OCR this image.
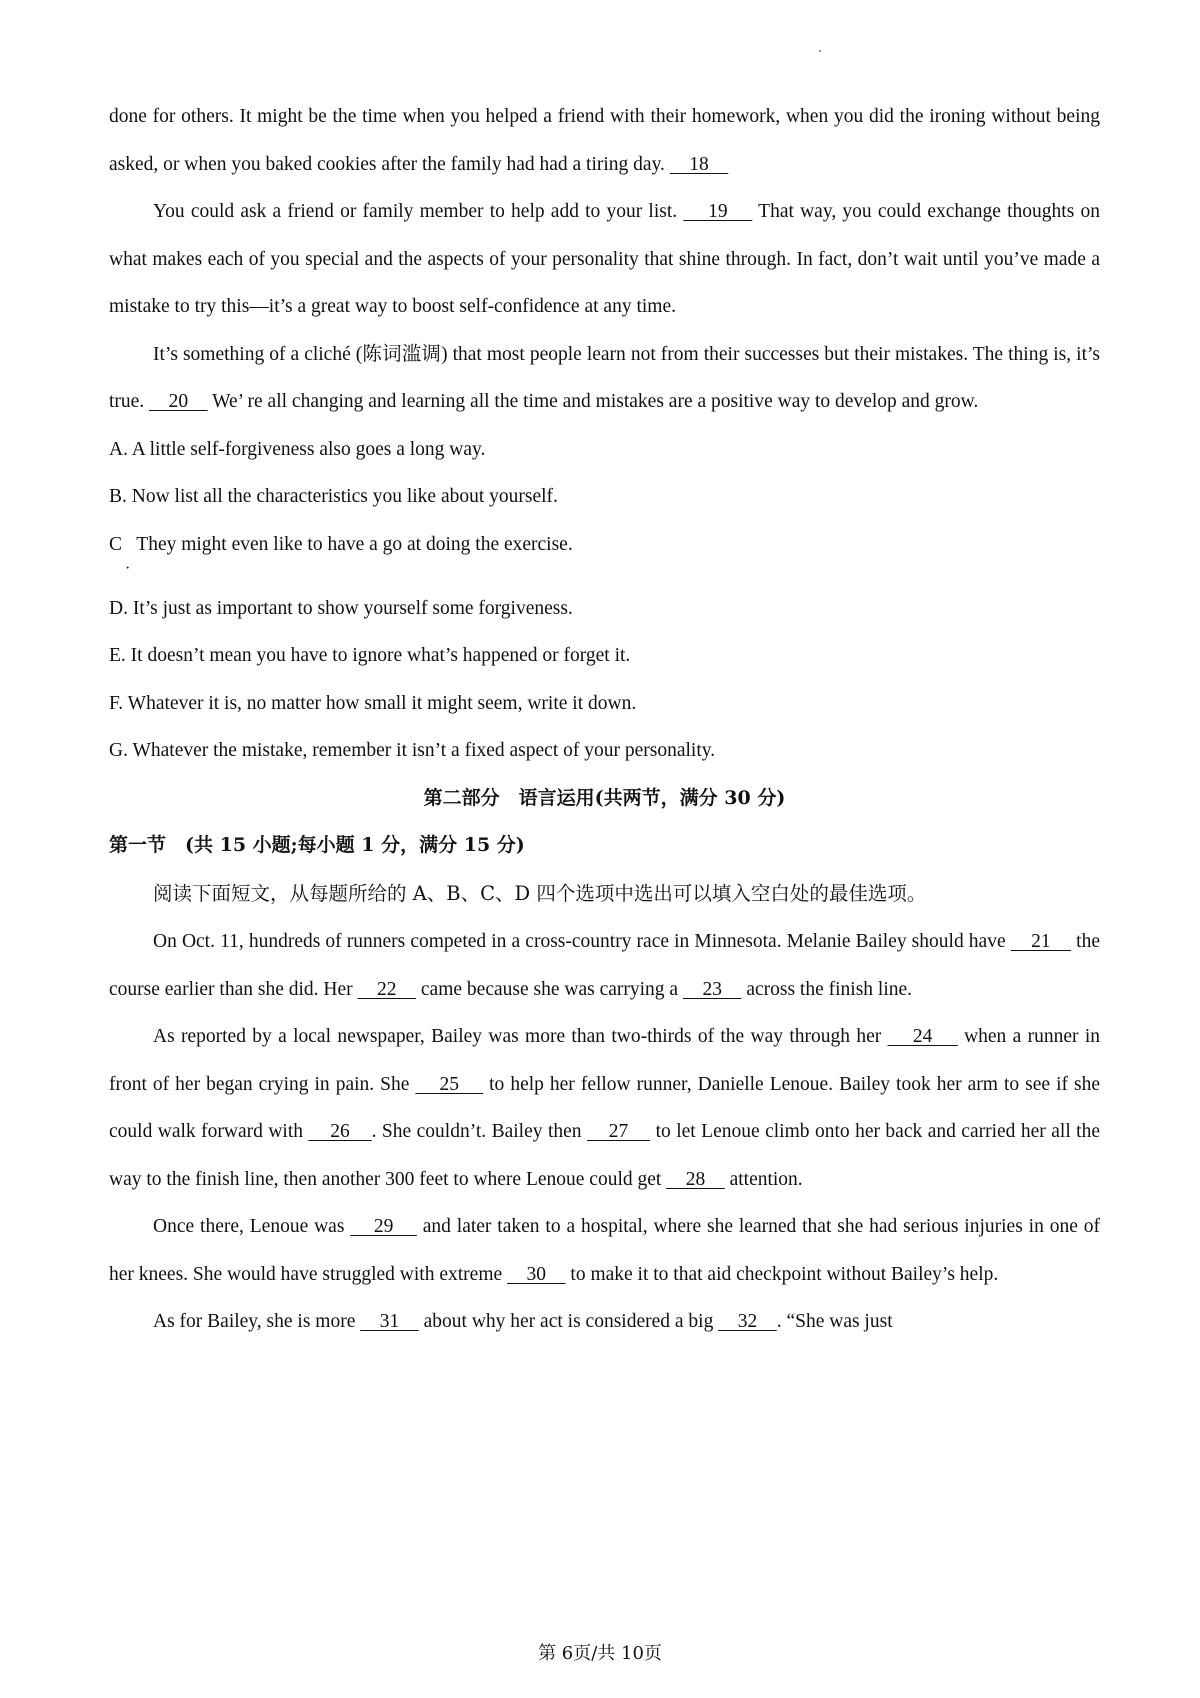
done for others. It might be the time when you helped a friend with their homework, when you did the ironing without being asked, or when you baked cookies after the family had had a tiring day.     18

You could ask a friend or family member to help add to your list.     19     That way, you could exchange thoughts on what makes each of you special and the aspects of your personality that shine through. In fact, don’t wait until you’ve made a mistake to try this—it’s a great way to boost self-confidence at any time.

It’s something of a cliché (陈词滥调) that most people learn not from their successes but their mistakes. The thing is, it’s true.     20     We’ re all changing and learning all the time and mistakes are a positive way to develop and grow.

A. A little self-forgiveness also goes a long way.

B. Now list all the characteristics you like about yourself.

C   They might even like to have a go at doing the exercise.
·

D. It’s just as important to show yourself some forgiveness.

E. It doesn’t mean you have to ignore what’s happened or forget it.

F. Whatever it is, no matter how small it might seem, write it down.

G. Whatever the mistake, remember it isn’t a fixed aspect of your personality.

第二部分　语言运用(共两节，满分 30 分)

第一节　(共 15 小题;每小题 1 分，满分 15 分)

阅读下面短文，从每题所给的 A、B、C、D 四个选项中选出可以填入空白处的最佳选项。

On Oct. 11, hundreds of runners competed in a cross-country race in Minnesota. Melanie Bailey should have     21     the course earlier than she did. Her     22     came because she was carrying a     23     across the finish line.

As reported by a local newspaper, Bailey was more than two-thirds of the way through her     24     when a runner in front of her began crying in pain. She     25     to help her fellow runner, Danielle Lenoue. Bailey took her arm to see if she could walk forward with     26    . She couldn’t. Bailey then     27     to let Lenoue climb onto her back and carried her all the way to the finish line, then another 300 feet to where Lenoue could get     28     attention.

Once there, Lenoue was     29     and later taken to a hospital, where she learned that she had serious injuries in one of her knees. She would have struggled with extreme     30     to make it to that aid checkpoint without Bailey’s help.

As for Bailey, she is more     31     about why her act is considered a big     32    . “She was just

第 6页/共 10页
